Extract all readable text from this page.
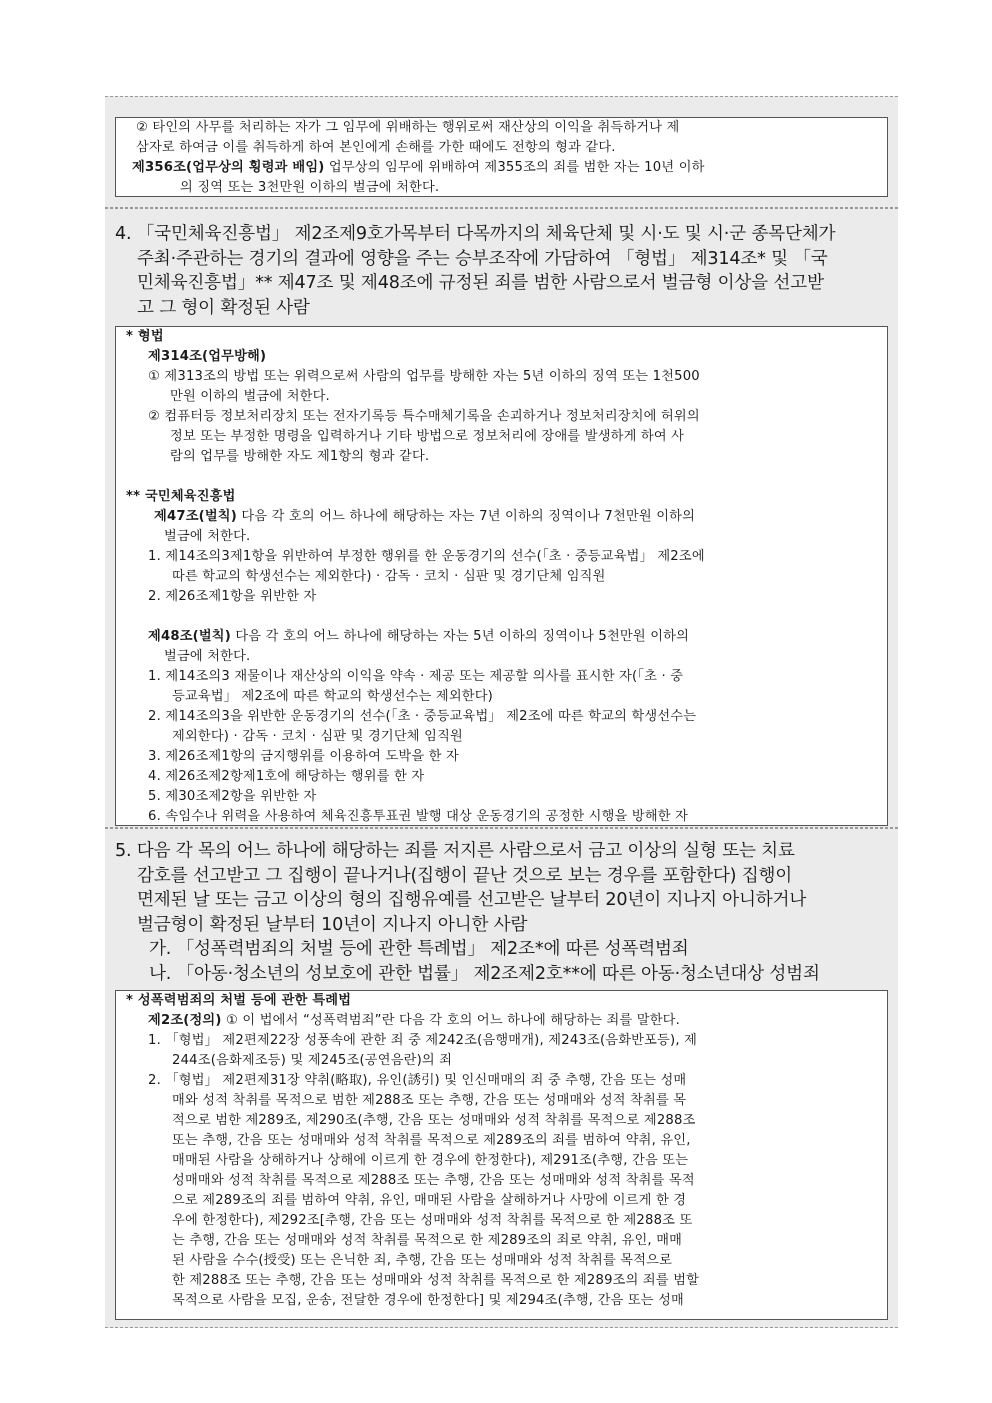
② 타인의 사무를 처리하는 자가 그 임무에 위배하는 행위로써 재산상의 이익을 취득하거나 제
삼자로 하여금 이를 취득하게 하여 본인에게 손해를 가한 때에도 전항의 형과 같다.
제356조(업무상의 횡령과 배임) 업무상의 임무에 위배하여 제355조의 죄를 범한 자는 10년 이하
의 징역 또는 3천만원 이하의 벌금에 처한다.
4. 「국민체육진흥법」 제2조제9호가목부터 다목까지의 체육단체 및 시·도 및 시·군 종목단체가
주최·주관하는 경기의 결과에 영향을 주는 승부조작에 가담하여 「형법」 제314조* 및 「국
민체육진흥법」** 제47조 및 제48조에 규정된 죄를 범한 사람으로서 벌금형 이상을 선고받
고 그 형이 확정된 사람
* 형법
제314조(업무방해)
① 제313조의 방법 또는 위력으로써 사람의 업무를 방해한 자는 5년 이하의 징역 또는 1천500
만원 이하의 벌금에 처한다.
② 컴퓨터등 정보처리장치 또는 전자기록등 특수매체기록을 손괴하거나 정보처리장치에 허위의
정보 또는 부정한 명령을 입력하거나 기타 방법으로 정보처리에 장애를 발생하게 하여 사
람의 업무를 방해한 자도 제1항의 형과 같다.
** 국민체육진흥법
제47조(벌칙) 다음 각 호의 어느 하나에 해당하는 자는 7년 이하의 징역이나 7천만원 이하의
벌금에 처한다.
1. 제14조의3제1항을 위반하여 부정한 행위를 한 운동경기의 선수(「초 · 중등교육법」 제2조에
따른 학교의 학생선수는 제외한다) · 감독 · 코치 · 심판 및 경기단체 임직원
2. 제26조제1항을 위반한 자
제48조(벌칙) 다음 각 호의 어느 하나에 해당하는 자는 5년 이하의 징역이나 5천만원 이하의
벌금에 처한다.
1. 제14조의3 재물이나 재산상의 이익을 약속 · 제공 또는 제공할 의사를 표시한 자(「초 · 중
등교육법」 제2조에 따른 학교의 학생선수는 제외한다)
2. 제14조의3을 위반한 운동경기의 선수(「초 · 중등교육법」 제2조에 따른 학교의 학생선수는
제외한다) · 감독 · 코치 · 심판 및 경기단체 임직원
3. 제26조제1항의 금지행위를 이용하여 도박을 한 자
4. 제26조제2항제1호에 해당하는 행위를 한 자
5. 제30조제2항을 위반한 자
6. 속임수나 위력을 사용하여 체육진흥투표권 발행 대상 운동경기의 공정한 시행을 방해한 자
5. 다음 각 목의 어느 하나에 해당하는 죄를 저지른 사람으로서 금고 이상의 실형 또는 치료
감호를 선고받고 그 집행이 끝나거나(집행이 끝난 것으로 보는 경우를 포함한다) 집행이
면제된 날 또는 금고 이상의 형의 집행유예를 선고받은 날부터 20년이 지나지 아니하거나
벌금형이 확정된 날부터 10년이 지나지 아니한 사람
가. 「성폭력범죄의 처벌 등에 관한 특례법」 제2조*에 따른 성폭력범죄
나. 「아동·청소년의 성보호에 관한 법률」 제2조제2호**에 따른 아동·청소년대상 성범죄
* 성폭력범죄의 처벌 등에 관한 특례법
제2조(정의) ① 이 법에서 “성폭력범죄”란 다음 각 호의 어느 하나에 해당하는 죄를 말한다.
1. 「형법」 제2편제22장 성풍속에 관한 죄 중 제242조(음행매개), 제243조(음화반포등), 제
244조(음화제조등) 및 제245조(공연음란)의 죄
2. 「형법」 제2편제31장 약취(略取), 유인(誘引) 및 인신매매의 죄 중 추행, 간음 또는 성매
매와 성적 착취를 목적으로 범한 제288조 또는 추행, 간음 또는 성매매와 성적 착취를 목
적으로 범한 제289조, 제290조(추행, 간음 또는 성매매와 성적 착취를 목적으로 제288조
또는 추행, 간음 또는 성매매와 성적 착취를 목적으로 제289조의 죄를 범하여 약취, 유인,
매매된 사람을 상해하거나 상해에 이르게 한 경우에 한정한다), 제291조(추행, 간음 또는
성매매와 성적 착취를 목적으로 제288조 또는 추행, 간음 또는 성매매와 성적 착취를 목적
으로 제289조의 죄를 범하여 약취, 유인, 매매된 사람을 살해하거나 사망에 이르게 한 경
우에 한정한다), 제292조[추행, 간음 또는 성매매와 성적 착취를 목적으로 한 제288조 또
는 추행, 간음 또는 성매매와 성적 착취를 목적으로 한 제289조의 죄로 약취, 유인, 매매
된 사람을 수수(授受) 또는 은닉한 죄, 추행, 간음 또는 성매매와 성적 착취를 목적으로
한 제288조 또는 추행, 간음 또는 성매매와 성적 착취를 목적으로 한 제289조의 죄를 범할
목적으로 사람을 모집, 운송, 전달한 경우에 한정한다] 및 제294조(추행, 간음 또는 성매
